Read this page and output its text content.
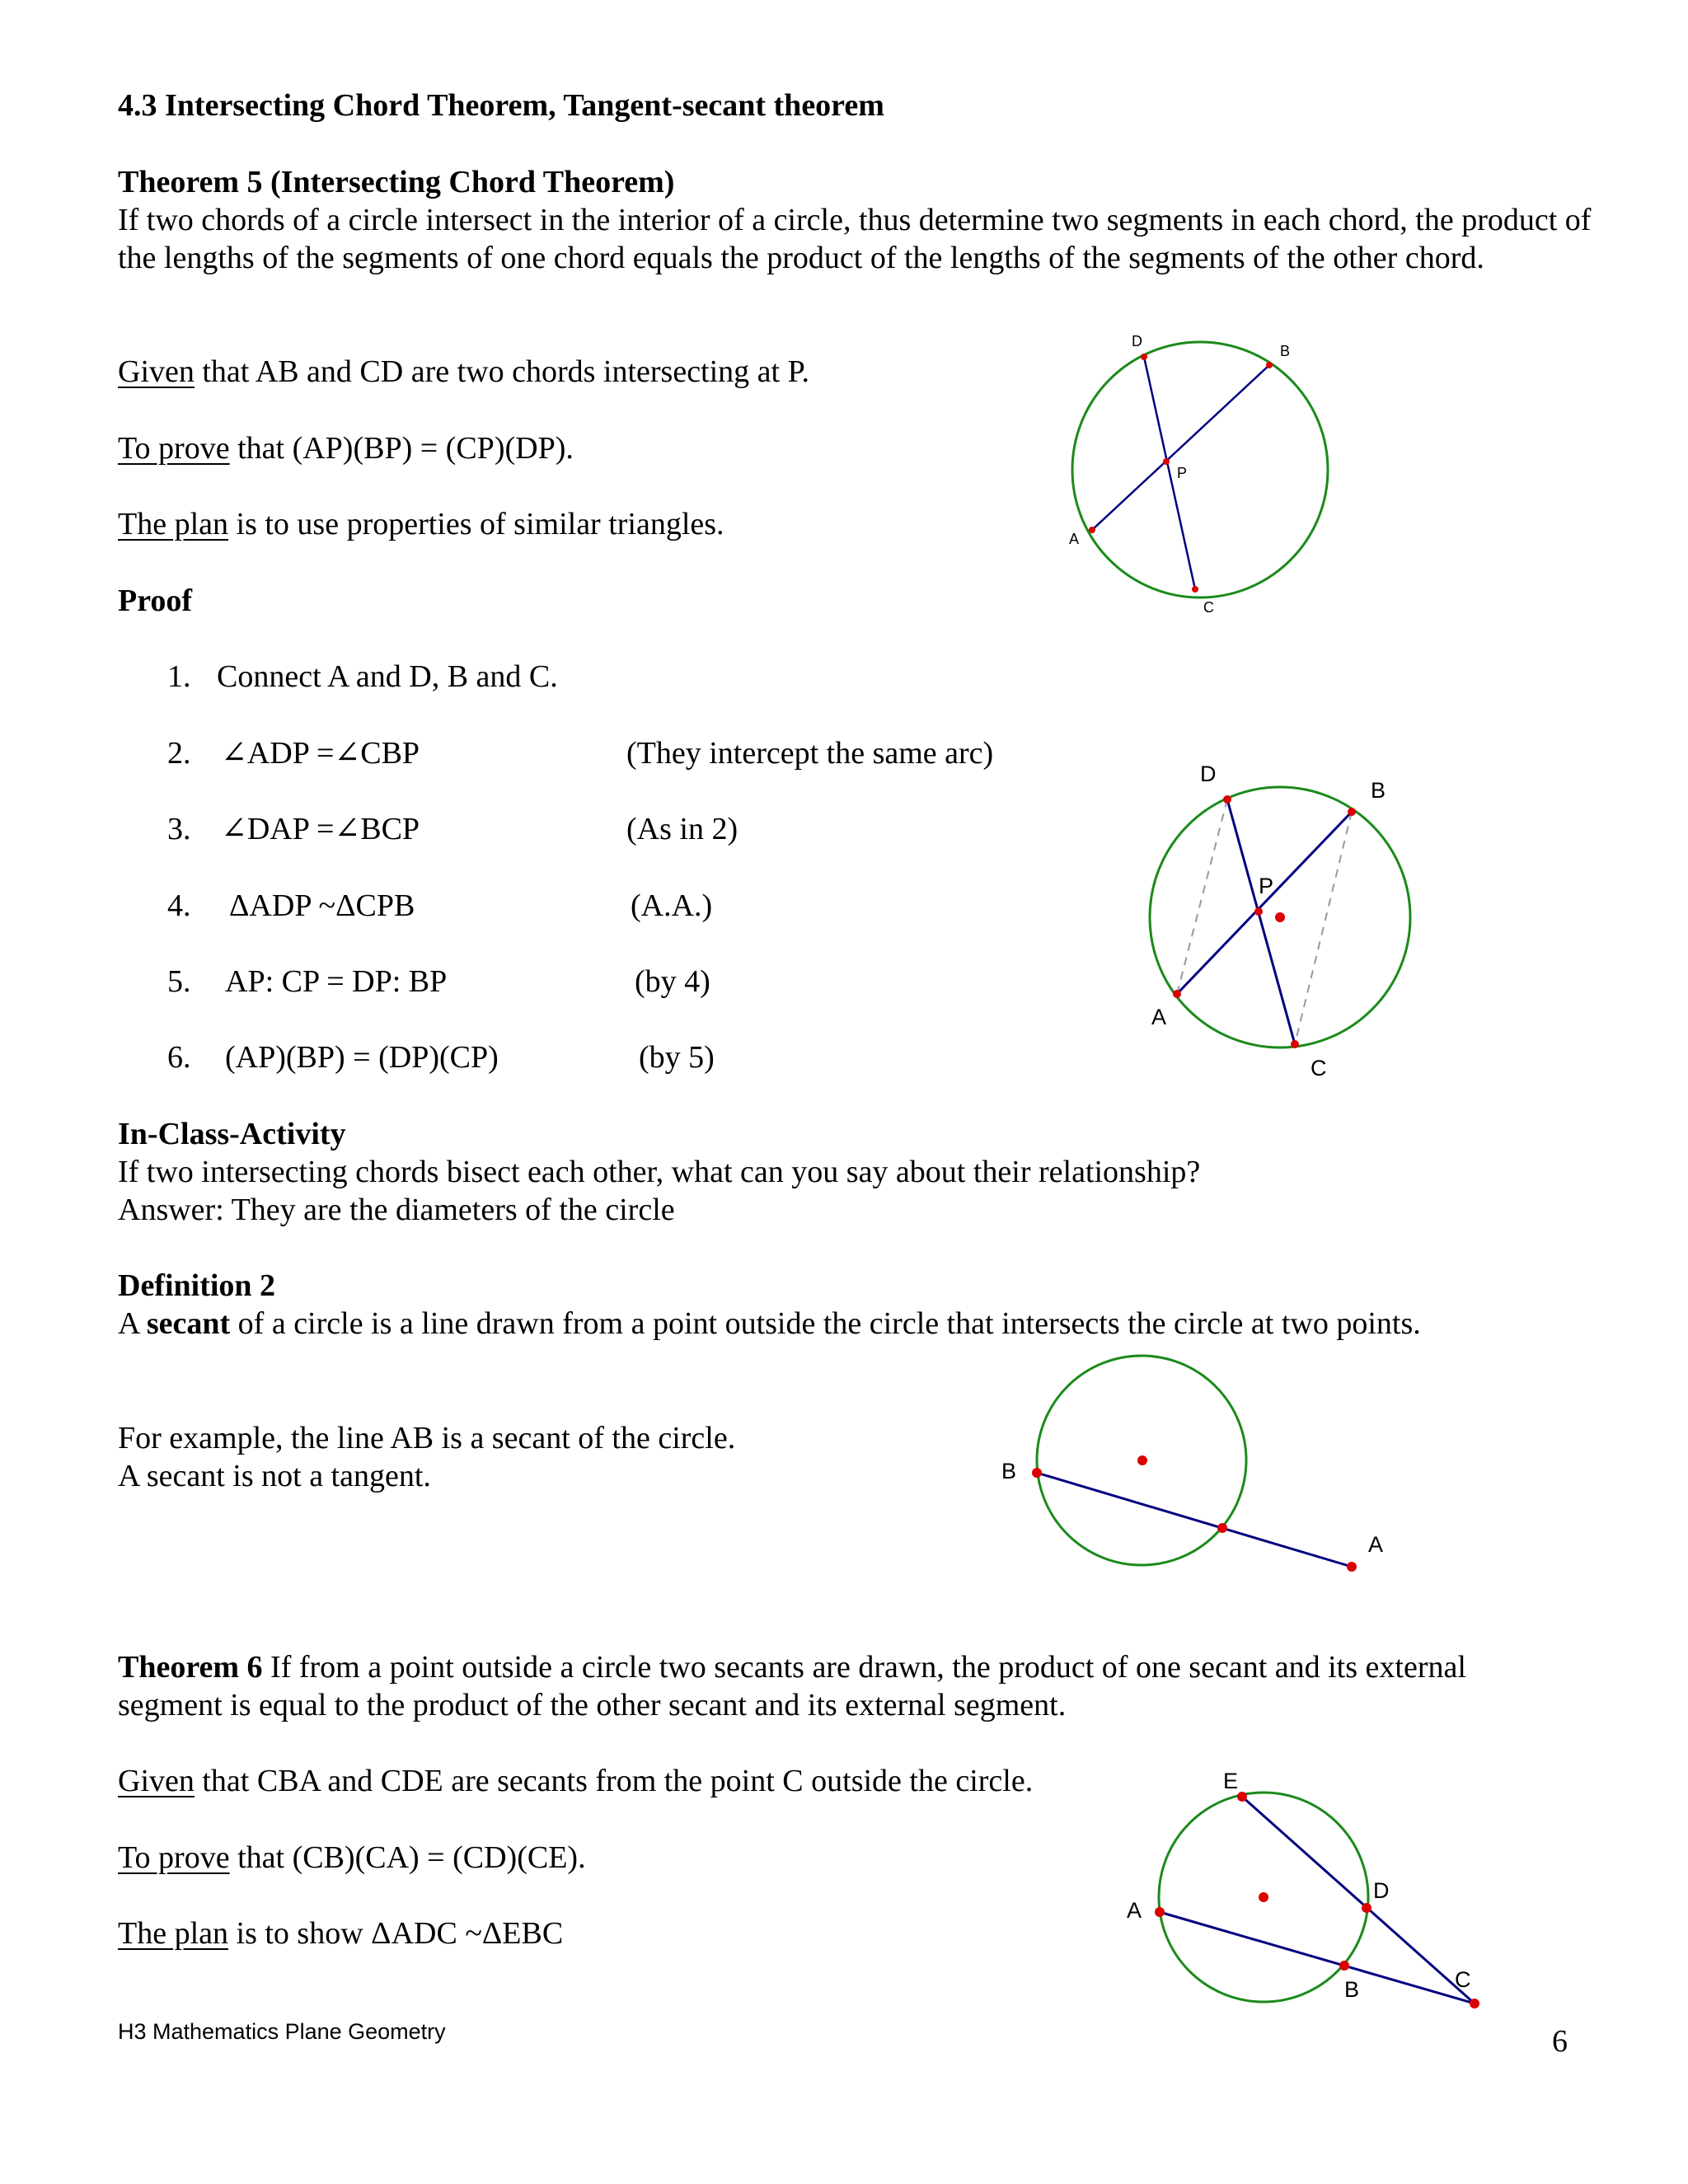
4.3 Intersecting Chord Theorem, Tangent-secant theorem
Theorem 5 (Intersecting Chord Theorem)
If two chords of a circle intersect in the interior of a circle, thus determine two segments in each chord, the product of the lengths of the segments of one chord equals the product of the lengths of the segments of the other chord.
Given that AB and CD are two chords intersecting at P.
To prove that (AP)(BP) = (CP)(DP).
The plan is to use properties of similar triangles.
Proof
1. Connect A and D, B and C.
2. ∠ADP =∠CBP	(They intercept the same arc)
3. ∠DAP =∠BCP	(As in 2)
4. ΔADP ~ΔCPB	(A.A.)
5. AP: CP = DP: BP	(by 4)
6. (AP)(BP) = (DP)(CP)	(by 5)
In-Class-Activity
If two intersecting chords bisect each other, what can you say about their relationship?
Answer: They are the diameters of the circle
Definition 2
A secant of a circle is a line drawn from a point outside the circle that intersects the circle at two points.
For example, the line AB is a secant of the circle.
A secant is not a tangent.
Theorem 6 If from a point outside a circle two secants are drawn, the product of one secant and its external
segment is equal to the product of the other secant and its external segment.
Given that CBA and CDE are secants from the point C outside the circle.
To prove that (CB)(CA) = (CD)(CE).
The plan is to show ΔADC ~ΔEBC
D
B
P
A
C
D
B
P
A
C
B
A
E
D
A
B	C
H3 Mathematics Plane Geometry	6
